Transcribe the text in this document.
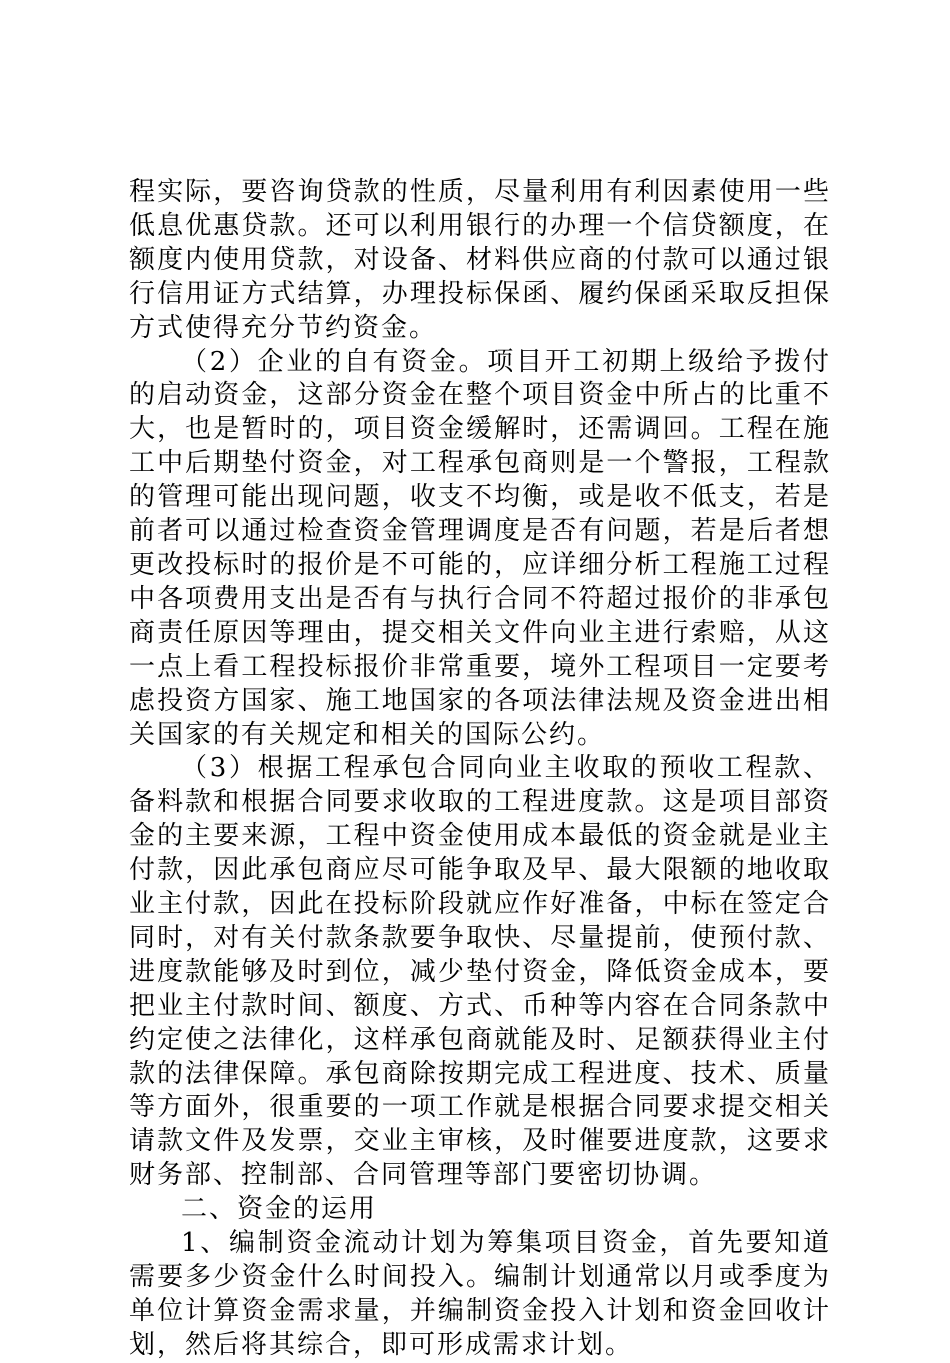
程实际，要咨询贷款的性质，尽量利用有利因素使用一些低息优惠贷款。还可以利用银行的办理一个信贷额度，在额度内使用贷款，对设备、材料供应商的付款可以通过银行信用证方式结算，办理投标保函、履约保函采取反担保方式使得充分节约资金。

（2）企业的自有资金。项目开工初期上级给予拨付的启动资金，这部分资金在整个项目资金中所占的比重不大，也是暂时的，项目资金缓解时，还需调回。工程在施工中后期垫付资金，对工程承包商则是一个警报，工程款的管理可能出现问题，收支不均衡，或是收不低支，若是前者可以通过检查资金管理调度是否有问题，若是后者想更改投标时的报价是不可能的，应详细分析工程施工过程中各项费用支出是否有与执行合同不符超过报价的非承包商责任原因等理由，提交相关文件向业主进行索赔，从这一点上看工程投标报价非常重要，境外工程项目一定要考虑投资方国家、施工地国家的各项法律法规及资金进出相关国家的有关规定和相关的国际公约。

（3）根据工程承包合同向业主收取的预收工程款、备料款和根据合同要求收取的工程进度款。这是项目部资金的主要来源，工程中资金使用成本最低的资金就是业主付款，因此承包商应尽可能争取及早、最大限额的地收取业主付款，因此在投标阶段就应作好准备，中标在签定合同时，对有关付款条款要争取快、尽量提前，使预付款、进度款能够及时到位，减少垫付资金，降低资金成本，要把业主付款时间、额度、方式、币种等内容在合同条款中约定使之法律化，这样承包商就能及时、足额获得业主付款的法律保障。承包商除按期完成工程进度、技术、质量等方面外，很重要的一项工作就是根据合同要求提交相关请款文件及发票，交业主审核，及时催要进度款，这要求财务部、控制部、合同管理等部门要密切协调。

二、资金的运用

1、编制资金流动计划为筹集项目资金，首先要知道需要多少资金什么时间投入。编制计划通常以月或季度为单位计算资金需求量，并编制资金投入计划和资金回收计划，然后将其综合，即可形成需求计划。
